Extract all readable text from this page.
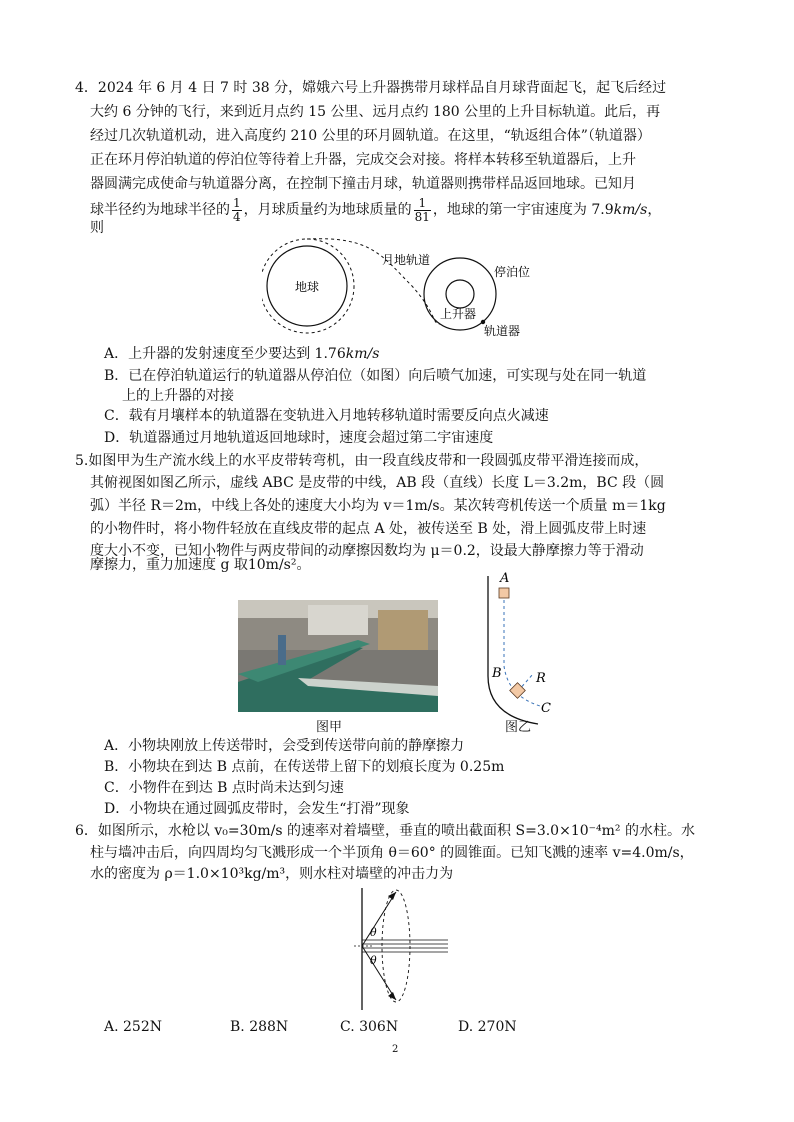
4．2024 年 6 月 4 日 7 时 38 分，嫦娥六号上升器携带月球样品自月球背面起飞，起飞后经过
大约 6 分钟的飞行，来到近月点约 15 公里、远月点约 180 公里的上升目标轨道。此后，再
经过几次轨道机动，进入高度约 210 公里的环月圆轨道。在这里，“轨返组合体”（轨道器）
正在环月停泊轨道的停泊位等待着上升器，完成交会对接。将样本转移至轨道器后，上升
器圆满完成使命与轨道器分离，在控制下撞击月球，轨道器则携带样品返回地球。已知月
球半径约为地球半径的 $\frac{1}{4}$ ，月球质量约为地球质量的 $\frac{1}{81}$ ，地球的第一宇宙速度为 7.9km/s，
则
地球
月地轨道
停泊位
上升器
轨道器
A．上升器的发射速度至少要达到 1.76km/s
B．已在停泊轨道运行的轨道器从停泊位（如图）向后喷气加速，可实现与处在同一轨道
上的上升器的对接
C．载有月壤样本的轨道器在变轨进入月地转移轨道时需要反向点火减速
D．轨道器通过月地轨道返回地球时，速度会超过第二宇宙速度
5.如图甲为生产流水线上的水平皮带转弯机，由一段直线皮带和一段圆弧皮带平滑连接而成，
其俯视图如图乙所示，虚线 ABC 是皮带的中线，AB 段（直线）长度 L＝3.2m，BC 段（圆
弧）半径 R＝2m，中线上各处的速度大小均为 v＝1m/s。某次转弯机传送一个质量 m＝1kg
的小物件时，将小物件轻放在直线皮带的起点 A 处，被传送至 B 处，滑上圆弧皮带上时速
度大小不变，已知小物件与两皮带间的动摩擦因数均为 μ＝0.2，设最大静摩擦力等于滑动
摩擦力，重力加速度 g 取10m/s²。
图甲
A
B	R
C
图乙
A．小物块刚放上传送带时，会受到传送带向前的静摩擦力
B．小物块在到达 B 点前，在传送带上留下的划痕长度为 0.25m
C．小物件在到达 B 点时尚未达到匀速
D．小物块在通过圆弧皮带时，会发生“打滑”现象
6．如图所示，水枪以 v₀=30m/s 的速率对着墙壁，垂直的喷出截面积 S=3.0×10⁻⁴m² 的水柱。水
柱与墙冲击后，向四周均匀飞溅形成一个半顶角 θ＝60° 的圆锥面。已知飞溅的速率 v=4.0m/s，
水的密度为 ρ＝1.0×10³kg/m³，则水柱对墙壁的冲击力为
θ
θ
A. 252N	B. 288N	C. 306N	D. 270N
2
